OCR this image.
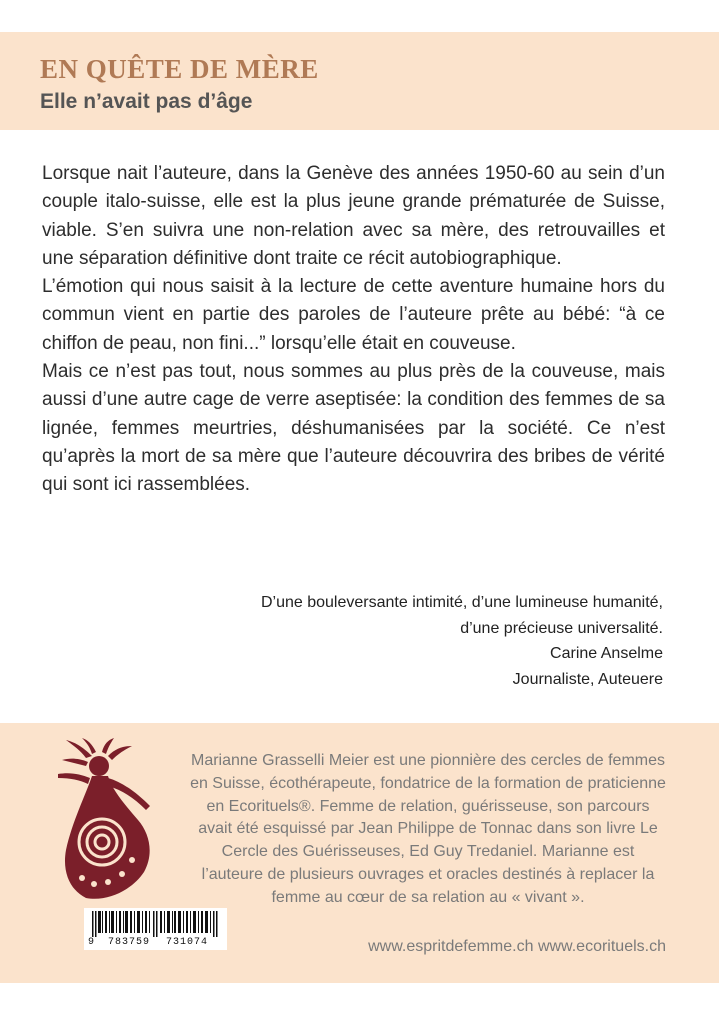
EN QUÊTE DE MÈRE
Elle n’avait pas d’âge

Lorsque nait l’auteure, dans la Genève des années 1950-60 au sein d’un couple italo-suisse, elle est la plus jeune grande prématurée de Suisse, viable. S’en suivra une non-relation avec sa mère, des retrouvailles et une séparation définitive dont traite ce récit autobiographique.

L’émotion qui nous saisit à la lecture de cette aventure humaine hors du commun vient en partie des paroles de l’auteure prête au bébé: “à ce chiffon de peau, non fini...” lorsqu’elle était en couveuse.

Mais ce n’est pas tout, nous sommes au plus près de la couveuse, mais aussi d’une autre cage de verre aseptisée: la condition des femmes de sa lignée, femmes meurtries, déshumanisées par la société. Ce n’est qu’après la mort de sa mère que l’auteure découvrira des bribes de vérité qui sont ici rassemblées.

D’une bouleversante intimité, d’une lumineuse humanité,
d’une précieuse universalité.
Carine Anselme
Journaliste, Auteuere

Marianne Grasselli Meier est une pionnière des cercles de femmes en Suisse, écothérapeute, fondatrice de la formation de praticienne en Ecorituels®. Femme de relation, guérisseuse, son parcours avait été esquissé par Jean Philippe de Tonnac dans son livre Le Cercle des Guérisseuses, Ed Guy Tredaniel. Marianne est l’auteure de plusieurs ouvrages et oracles destinés à replacer la femme au cœur de sa relation au « vivant ».

9 783759 731074	www.espritdefemme.ch www.ecorituels.ch
